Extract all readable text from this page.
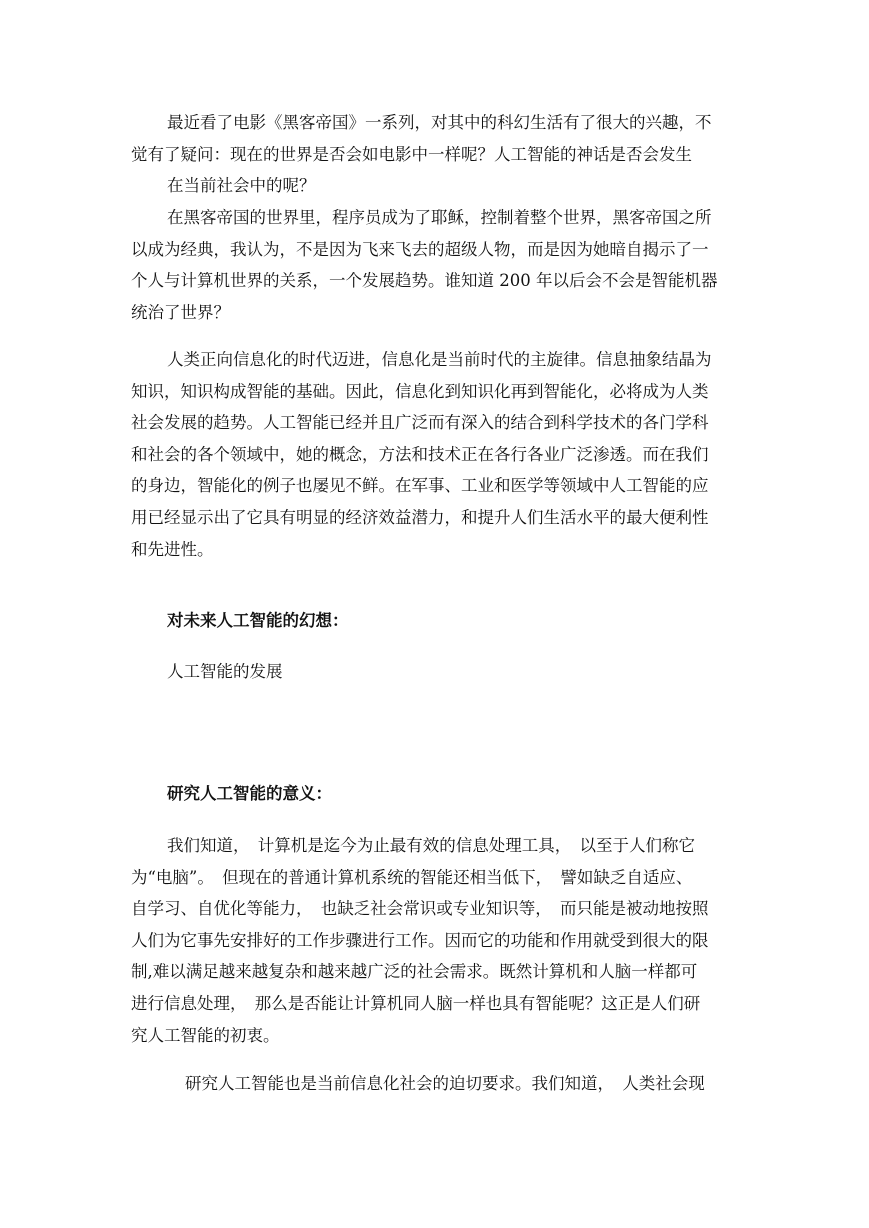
最近看了电影《黑客帝国》一系列，对其中的科幻生活有了很大的兴趣，不
觉有了疑问：现在的世界是否会如电影中一样呢？人工智能的神话是否会发生
在当前社会中的呢？
在黑客帝国的世界里，程序员成为了耶稣，控制着整个世界，黑客帝国之所
以成为经典，我认为，不是因为飞来飞去的超级人物，而是因为她暗自揭示了一
个人与计算机世界的关系，一个发展趋势。谁知道 200 年以后会不会是智能机器
统治了世界？
人类正向信息化的时代迈进，信息化是当前时代的主旋律。信息抽象结晶为
知识，知识构成智能的基础。因此，信息化到知识化再到智能化，必将成为人类
社会发展的趋势。人工智能已经并且广泛而有深入的结合到科学技术的各门学科
和社会的各个领域中，她的概念，方法和技术正在各行各业广泛渗透。而在我们
的身边，智能化的例子也屡见不鲜。在军事、工业和医学等领域中人工智能的应
用已经显示出了它具有明显的经济效益潜力，和提升人们生活水平的最大便利性
和先进性。
对未来人工智能的幻想：
人工智能的发展
研究人工智能的意义：
我们知道，　计算机是迄今为止最有效的信息处理工具，　以至于人们称它
为“电脑”。　但现在的普通计算机系统的智能还相当低下，　譬如缺乏自适应、
自学习、自优化等能力，　也缺乏社会常识或专业知识等，　而只能是被动地按照
人们为它事先安排好的工作步骤进行工作。因而它的功能和作用就受到很大的限
制,难以满足越来越复杂和越来越广泛的社会需求。既然计算机和人脑一样都可
进行信息处理，　那么是否能让计算机同人脑一样也具有智能呢？这正是人们研
究人工智能的初衷。
研究人工智能也是当前信息化社会的迫切要求。我们知道，　人类社会现
